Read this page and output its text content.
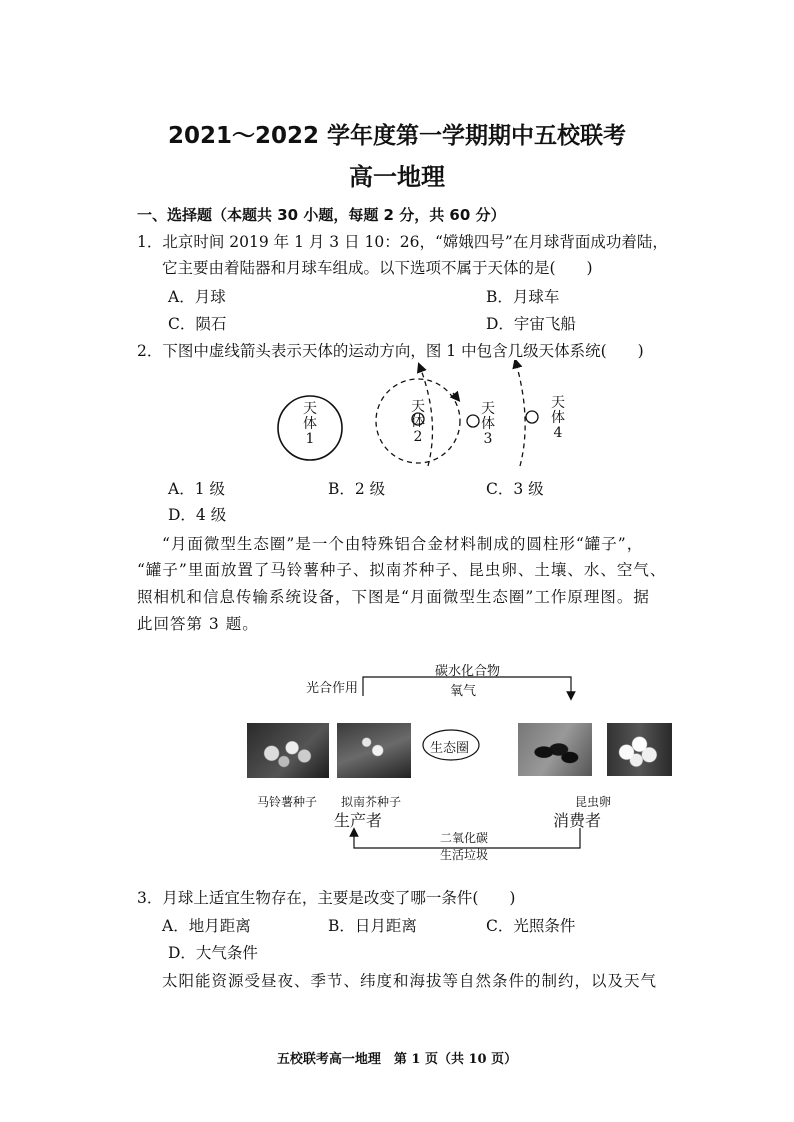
2021～2022 学年度第一学期期中五校联考
高一地理
一、选择题（本题共 30 小题，每题 2 分，共 60 分）
1．北京时间 2019 年 1 月 3 日 10：26，“嫦娥四号”在月球背面成功着陆，
它主要由着陆器和月球车组成。以下选项不属于天体的是(　　)
A．月球	B．月球车
C．陨石	D．宇宙飞船
2．下图中虚线箭头表示天体的运动方向，图 1 中包含几级天体系统(　　)
天
体
1
天
体
2
天
体
3
天
体
4
A．1 级	B．2 级	C．3 级
D．4 级
“月面微型生态圈”是一个由特殊铝合金材料制成的圆柱形“罐子”，
“罐子”里面放置了马铃薯种子、拟南芥种子、昆虫卵、土壤、水、空气、
照相机和信息传输系统设备，下图是“月面微型生态圈”工作原理图。据
此回答第 3 题。
光合作用
碳水化合物
氧气
生态圈
马铃薯种子 拟南芥种子
生产者
昆虫卵
消费者
二氧化碳
生活垃圾
3．月球上适宜生物存在，主要是改变了哪一条件(　　)
A．地月距离	B．日月距离	C．光照条件
D．大气条件
太阳能资源受昼夜、季节、纬度和海拔等自然条件的制约，以及天气
五校联考高一地理　第 1 页（共 10 页）
